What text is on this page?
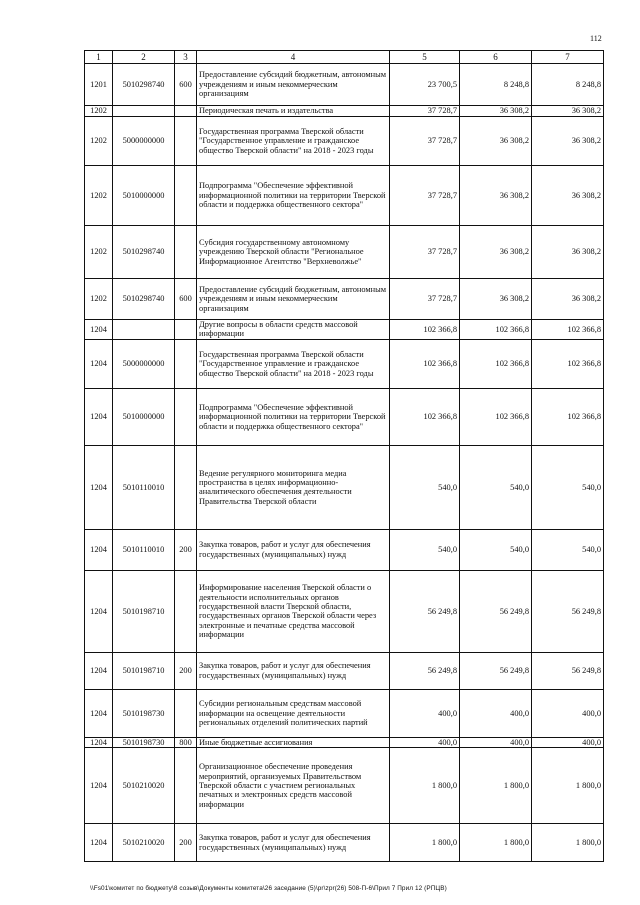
112
1	2	3	4	5	6	7
1201	5010298740	600	Предоставление субсидий бюджетным, автономным учреждениям и иным некоммерческим организациям	23 700,5	8 248,8	8 248,8
1202			Периодическая печать и издательства	37 728,7	36 308,2	36 308,2
1202	5000000000		Государственная программа Тверской области "Государственное управление и гражданское общество Тверской области" на 2018 - 2023 годы	37 728,7	36 308,2	36 308,2
1202	5010000000		Подпрограмма "Обеспечение эффективной информационной политики на территории Тверской области и поддержка общественного сектора"	37 728,7	36 308,2	36 308,2
1202	5010298740		Субсидия государственному автономному учреждению Тверской области "Региональное Информационное Агентство "Верхневолжье"	37 728,7	36 308,2	36 308,2
1202	5010298740	600	Предоставление субсидий бюджетным, автономным учреждениям и иным некоммерческим организациям	37 728,7	36 308,2	36 308,2
1204			Другие вопросы в области средств массовой информации	102 366,8	102 366,8	102 366,8
1204	5000000000		Государственная программа Тверской области "Государственное управление и гражданское общество Тверской области" на 2018 - 2023 годы	102 366,8	102 366,8	102 366,8
1204	5010000000		Подпрограмма "Обеспечение эффективной информационной политики на территории Тверской области и поддержка общественного сектора"	102 366,8	102 366,8	102 366,8
1204	5010110010		Ведение регулярного мониторинга медиа пространства в целях информационно-аналитического обеспечения деятельности Правительства Тверской области	540,0	540,0	540,0
1204	5010110010	200	Закупка товаров, работ и услуг для обеспечения государственных (муниципальных) нужд	540,0	540,0	540,0
1204	5010198710		Информирование населения Тверской области о деятельности исполнительных органов государственной власти Тверской области, государственных органов Тверской области через электронные и печатные средства массовой информации	56 249,8	56 249,8	56 249,8
1204	5010198710	200	Закупка товаров, работ и услуг для обеспечения государственных (муниципальных) нужд	56 249,8	56 249,8	56 249,8
1204	5010198730		Субсидии региональным средствам массовой информации на освещение деятельности региональных отделений политических партий	400,0	400,0	400,0
1204	5010198730	800	Иные бюджетные ассигнования	400,0	400,0	400,0
1204	5010210020		Организационное обеспечение проведения мероприятий, организуемых Правительством Тверской области с участием региональных печатных и электронных средств массовой информации	1 800,0	1 800,0	1 800,0
1204	5010210020	200	Закупка товаров, работ и услуг для обеспечения государственных (муниципальных) нужд	1 800,0	1 800,0	1 800,0
\\Fs01\комитет по бюджету\8 созыв\Документы комитета\26 заседание (5)\pr\zpr(26) 508-П-6\Прил 7 Прил 12 (РПЦВ)
